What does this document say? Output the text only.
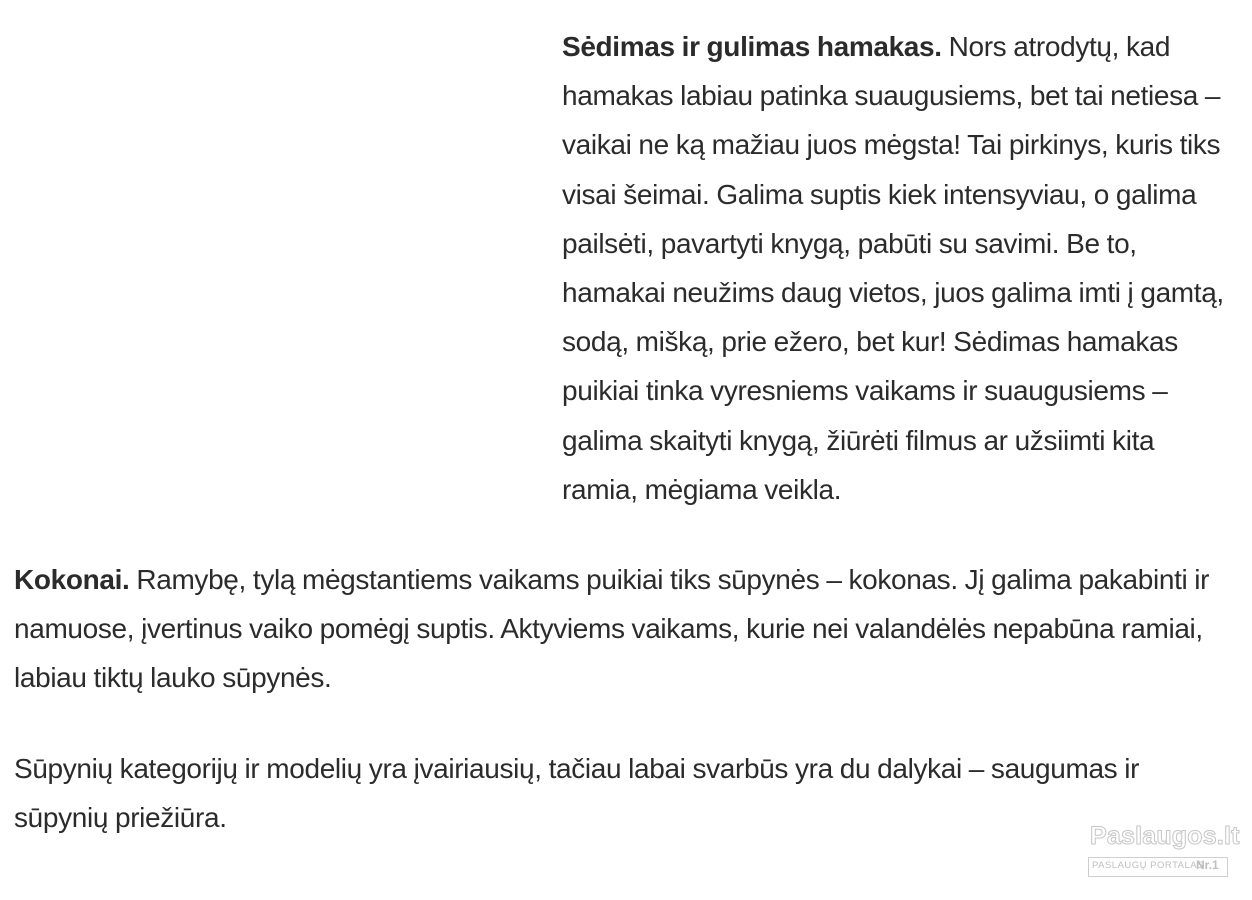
Sėdimas ir gulimas hamakas. Nors atrodytų, kad hamakas labiau patinka suaugusiems, bet tai netiesa – vaikai ne ką mažiau juos mėgsta! Tai pirkinys, kuris tiks visai šeimai. Galima suptis kiek intensyviau, o galima pailsėti, pavartyti knygą, pabūti su savimi. Be to, hamakai neužims daug vietos, juos galima imti į gamtą, sodą, mišką, prie ežero, bet kur! Sėdimas hamakas puikiai tinka vyresniems vaikams ir suaugusiems – galima skaityti knygą, žiūrėti filmus ar užsiimti kita ramia, mėgiama veikla.

Kokonai. Ramybę, tylą mėgstantiems vaikams puikiai tiks sūpynės – kokonas. Jį galima pakabinti ir namuose, įvertinus vaiko pomėgį suptis. Aktyviems vaikams, kurie nei valandėlės nepabūna ramiai, labiau tiktų lauko sūpynės.

Sūpynių kategorijų ir modelių yra įvairiausių, tačiau labai svarbūs yra du dalykai – saugumas ir sūpynių priežiūra.

Paslaugos.lt
PASLAUGŲ PORTALAS
Nr.1
